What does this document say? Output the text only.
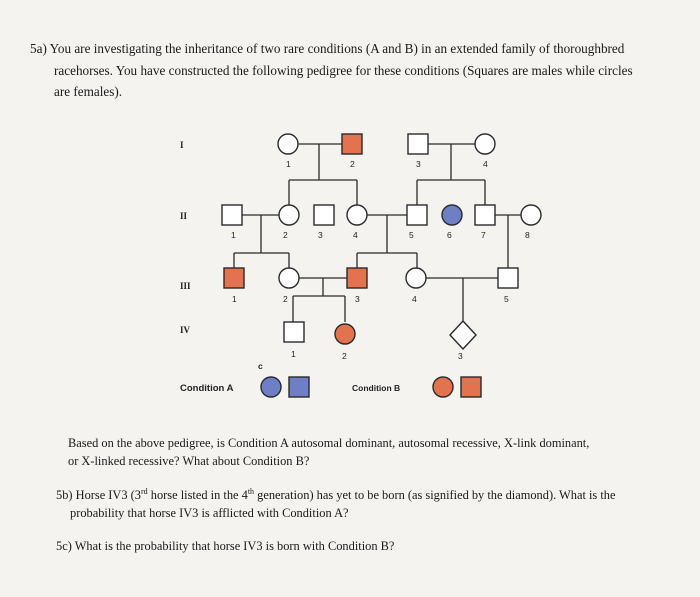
5a) You are investigating the inheritance of two rare conditions (A and B) in an extended family of thoroughbred
racehorses. You have constructed the following pedigree for these conditions (Squares are males while circles
are females).
I
II
III
IV
1	2	3	4
1	2	3	4	5	6	7	8
1	2	3	4	5
1	2	3
c
Condition A	Condition B
Based on the above pedigree, is Condition A autosomal dominant, autosomal recessive, X-link dominant,
or X-linked recessive? What about Condition B?
5b) Horse IV3 (3rd horse listed in the 4th generation) has yet to be born (as signified by the diamond). What is the
probability that horse IV3 is afflicted with Condition A?
5c) What is the probability that horse IV3 is born with Condition B?
